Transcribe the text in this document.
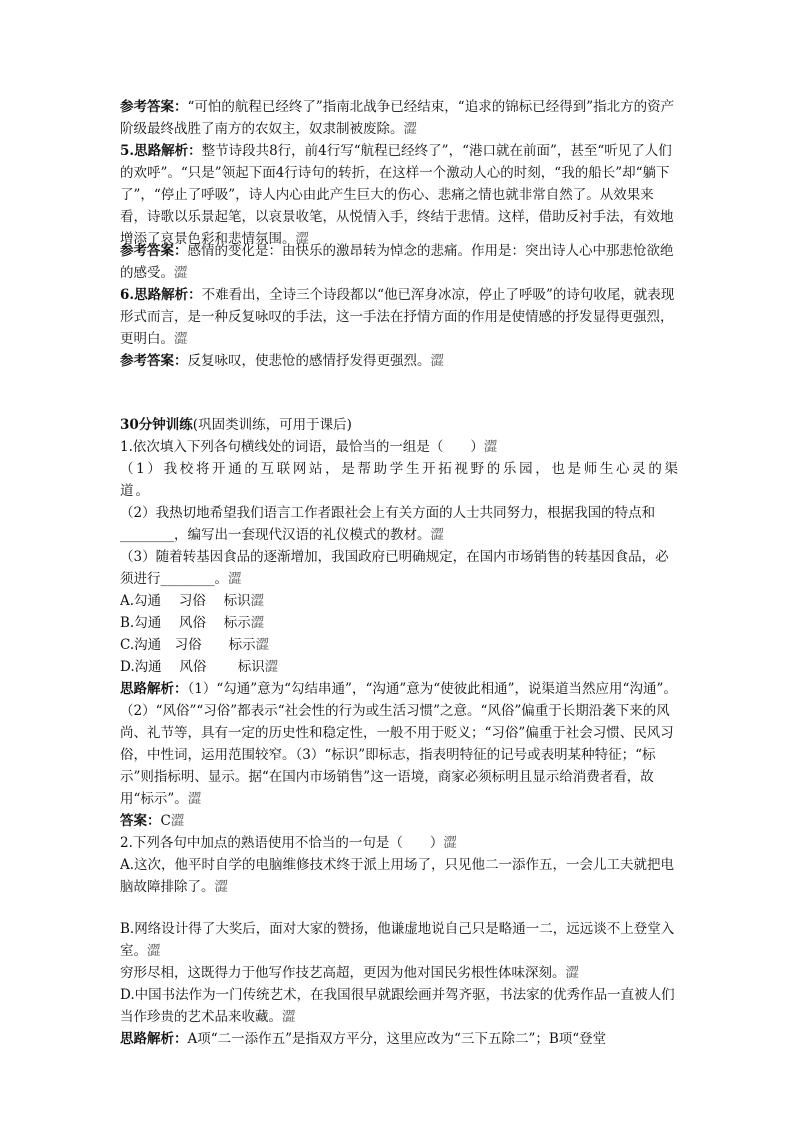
参考答案：“可怕的航程已经终了”指南北战争已经结束，“追求的锦标已经得到”指北方的资产阶级最终战胜了南方的农奴主，奴隶制被废除。澀
5.思路解析：整节诗段共8行，前4行写“航程已经终了”，“港口就在前面”，甚至“听见了人们的欢呼”。“只是”领起下面4行诗句的转折，在这样一个激动人心的时刻，“我的船长”却“躺下了”，“停止了呼吸”，诗人内心由此产生巨大的伤心、悲痛之情也就非常自然了。从效果来看，诗歌以乐景起笔，以哀景收笔，从悦情入手，终结于悲情。这样，借助反衬手法，有效地增添了哀景色彩和悲情氛围。澀
参考答案：感情的变化是：由快乐的激昂转为悼念的悲痛。作用是：突出诗人心中那悲怆欲绝的感受。澀
6.思路解析：不难看出，全诗三个诗段都以“他已浑身冰凉，停止了呼吸”的诗句收尾，就表现形式而言，是一种反复咏叹的手法，这一手法在抒情方面的作用是使情感的抒发显得更强烈，更明白。澀
参考答案：反复咏叹，使悲怆的感情抒发得更强烈。澀
30分钟训练(巩固类训练，可用于课后)
1.依次填入下列各句横线处的词语，最恰当的一组是（　　）澀
（1）我校将开通的互联网站，是帮助学生开拓视野的乐园，也是师生心灵的渠道。
（2）我热切地希望我们语言工作者跟社会上有关方面的人士共同努力，根据我国的特点和________，编写出一套现代汉语的礼仪模式的教材。澀
（3）随着转基因食品的逐渐增加，我国政府已明确规定，在国内市场销售的转基因食品，必须进行________。澀
A.勾通　 习俗　 标识澀
B.勾通　 风俗　 标示澀
C.沟通　习俗　　标示澀
D.沟通　 风俗　　 标识澀
思路解析：（1）“勾通”意为“勾结串通”，“沟通”意为“使彼此相通”，说渠道当然应用“沟通”。（2）“风俗”“习俗”都表示“社会性的行为或生活习惯”之意。“风俗”偏重于长期沿袭下来的风尚、礼节等，具有一定的历史性和稳定性，一般不用于贬义；“习俗”偏重于社会习惯、民风习俗，中性词，运用范围较窄。（3）“标识”即标志，指表明特征的记号或表明某种特征；“标示”则指标明、显示。据“在国内市场销售”这一语境，商家必须标明且显示给消费者看，故用“标示”。澀
答案：C澀
2.下列各句中加点的熟语使用不恰当的一句是（　　）澀
A.这次，他平时自学的电脑维修技术终于派上用场了，只见他二一添作五，一会儿工夫就把电脑故障排除了。澀
B.网络设计得了大奖后，面对大家的赞扬，他谦虚地说自己只是略通一二，远远谈不上登堂入室。澀
穷形尽相，这既得力于他写作技艺高超，更因为他对国民劣根性体味深刻。澀
D.中国书法作为一门传统艺术，在我国很早就跟绘画并驾齐驱，书法家的优秀作品一直被人们当作珍贵的艺术品来收藏。澀
思路解析：A项“二一添作五”是指双方平分，这里应改为“三下五除二”；B项“登堂
